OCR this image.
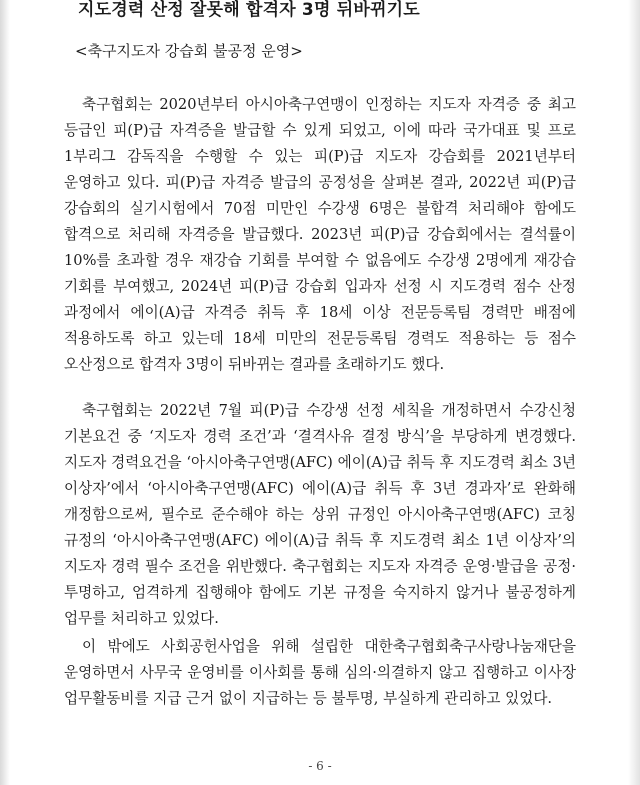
지도경력 산정 잘못해 합격자 3명 뒤바뀌기도

<축구지도자 강습회 불공정 운영>

축구협회는 2020년부터 아시아축구연맹이 인정하는 지도자 자격증 중 최고 등급인 피(P)급 자격증을 발급할 수 있게 되었고, 이에 따라 국가대표 및 프로 1부리그 감독직을 수행할 수 있는 피(P)급 지도자 강습회를 2021년부터 운영하고 있다. 피(P)급 자격증 발급의 공정성을 살펴본 결과, 2022년 피(P)급 강습회의 실기시험에서 70점 미만인 수강생 6명은 불합격 처리해야 함에도 합격으로 처리해 자격증을 발급했다. 2023년 피(P)급 강습회에서는 결석률이 10%를 초과할 경우 재강습 기회를 부여할 수 없음에도 수강생 2명에게 재강습 기회를 부여했고, 2024년 피(P)급 강습회 입과자 선정 시 지도경력 점수 산정 과정에서 에이(A)급 자격증 취득 후 18세 이상 전문등록팀 경력만 배점에 적용하도록 하고 있는데 18세 미만의 전문등록팀 경력도 적용하는 등 점수 오산정으로 합격자 3명이 뒤바뀌는 결과를 초래하기도 했다.

축구협회는 2022년 7월 피(P)급 수강생 선정 세칙을 개정하면서 수강신청 기본요건 중 ‘지도자 경력 조건’과 ‘결격사유 결정 방식’을 부당하게 변경했다. 지도자 경력요건을 ‘아시아축구연맹(AFC) 에이(A)급 취득 후 지도경력 최소 3년 이상자’에서 ‘아시아축구연맹(AFC) 에이(A)급 취득 후 3년 경과자’로 완화해 개정함으로써, 필수로 준수해야 하는 상위 규정인 아시아축구연맹(AFC) 코칭 규정의 ‘아시아축구연맹(AFC) 에이(A)급 취득 후 지도경력 최소 1년 이상자’의 지도자 경력 필수 조건을 위반했다. 축구협회는 지도자 자격증 운영·발급을 공정·투명하고, 엄격하게 집행해야 함에도 기본 규정을 숙지하지 않거나 불공정하게 업무를 처리하고 있었다.

이 밖에도 사회공헌사업을 위해 설립한 대한축구협회축구사랑나눔재단을 운영하면서 사무국 운영비를 이사회를 통해 심의·의결하지 않고 집행하고 이사장 업무활동비를 지급 근거 없이 지급하는 등 불투명, 부실하게 관리하고 있었다.

- 6 -
